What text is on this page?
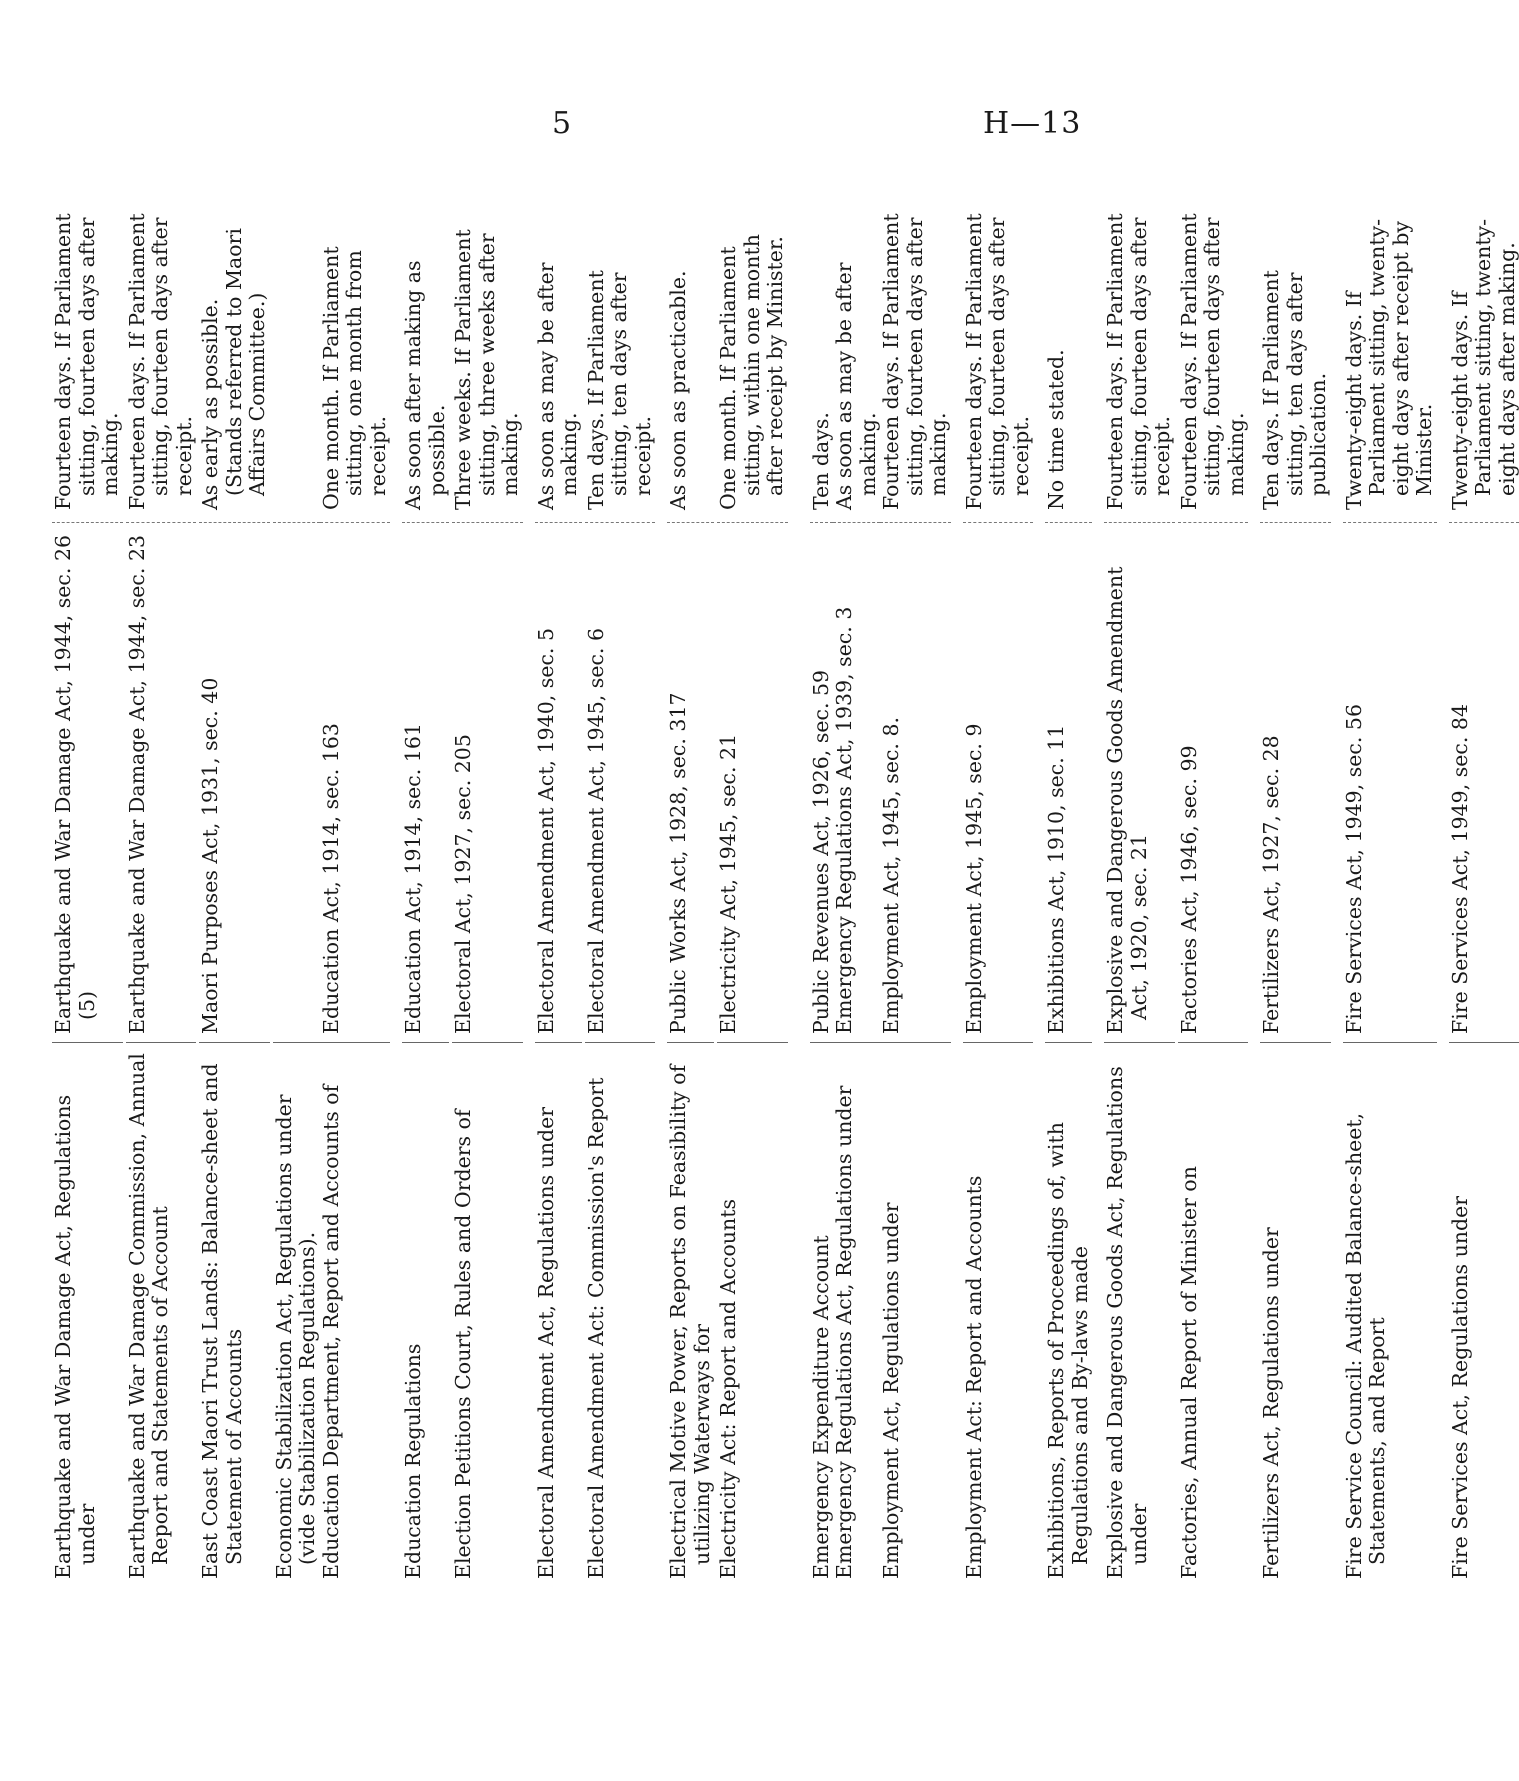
5	H—13
Earthquake and War Damage Act, Regulations under
Earthquake and War Damage Act, 1944, sec. 26 (5)
Fourteen days. If Parliament sitting, fourteen days after making.
Earthquake and War Damage Commission, Annual Report and Statements of Account
Earthquake and War Damage Act, 1944, sec. 23
Fourteen days. If Parliament sitting, fourteen days after receipt.
East Coast Maori Trust Lands: Balance-sheet and Statement of Accounts
Maori Purposes Act, 1931, sec. 40
As early as possible. (Stands referred to Maori Affairs Committee.)
Economic Stabilization Act, Regulations under (vide Stabilization Regulations). Education Department, Report and Accounts of
Education Act, 1914, sec. 163
One month. If Parliament sitting, one month from receipt.
Education Regulations
Education Act, 1914, sec. 161
As soon after making as possible.
Election Petitions Court, Rules and Orders of
Electoral Act, 1927, sec. 205
Three weeks. If Parliament sitting, three weeks after making.
Electoral Amendment Act, Regulations under
Electoral Amendment Act, 1940, sec. 5
As soon as may be after making.
Electoral Amendment Act: Commission's Report
Electoral Amendment Act, 1945, sec. 6
Ten days. If Parliament sitting, ten days after receipt.
Electrical Motive Power, Reports on Feasibility of utilizing Waterways for
Public Works Act, 1928, sec. 317
As soon as practicable.
Electricity Act: Report and Accounts
Electricity Act, 1945, sec. 21
One month. If Parliament sitting, within one month after receipt by Minister.
Emergency Expenditure Account
Public Revenues Act, 1926, sec. 59
Ten days.
Emergency Regulations Act, Regulations under
Emergency Regulations Act, 1939, sec. 3
As soon as may be after making.
Employment Act, Regulations under
Employment Act, 1945, sec. 8.
Fourteen days. If Parliament sitting, fourteen days after making.
Employment Act: Report and Accounts
Employment Act, 1945, sec. 9
Fourteen days. If Parliament sitting, fourteen days after receipt.
Exhibitions, Reports of Proceedings of, with Regulations and By-laws made
Exhibitions Act, 1910, sec. 11
No time stated.
Explosive and Dangerous Goods Act, Regulations under
Explosive and Dangerous Goods Amendment Act, 1920, sec. 21
Fourteen days. If Parliament sitting, fourteen days after receipt.
Factories, Annual Report of Minister on
Factories Act, 1946, sec. 99
Fourteen days. If Parliament sitting, fourteen days after making.
Fertilizers Act, Regulations under
Fertilizers Act, 1927, sec. 28
Ten days. If Parliament sitting, ten days after publication.
Fire Service Council: Audited Balance-sheet, Statements, and Report
Fire Services Act, 1949, sec. 56
Twenty-eight days. If Parliament sitting, twenty-eight days after receipt by Minister.
Fire Services Act, Regulations under
Fire Services Act, 1949, sec. 84
Twenty-eight days. If Parliament sitting, twenty-eight days after making.
